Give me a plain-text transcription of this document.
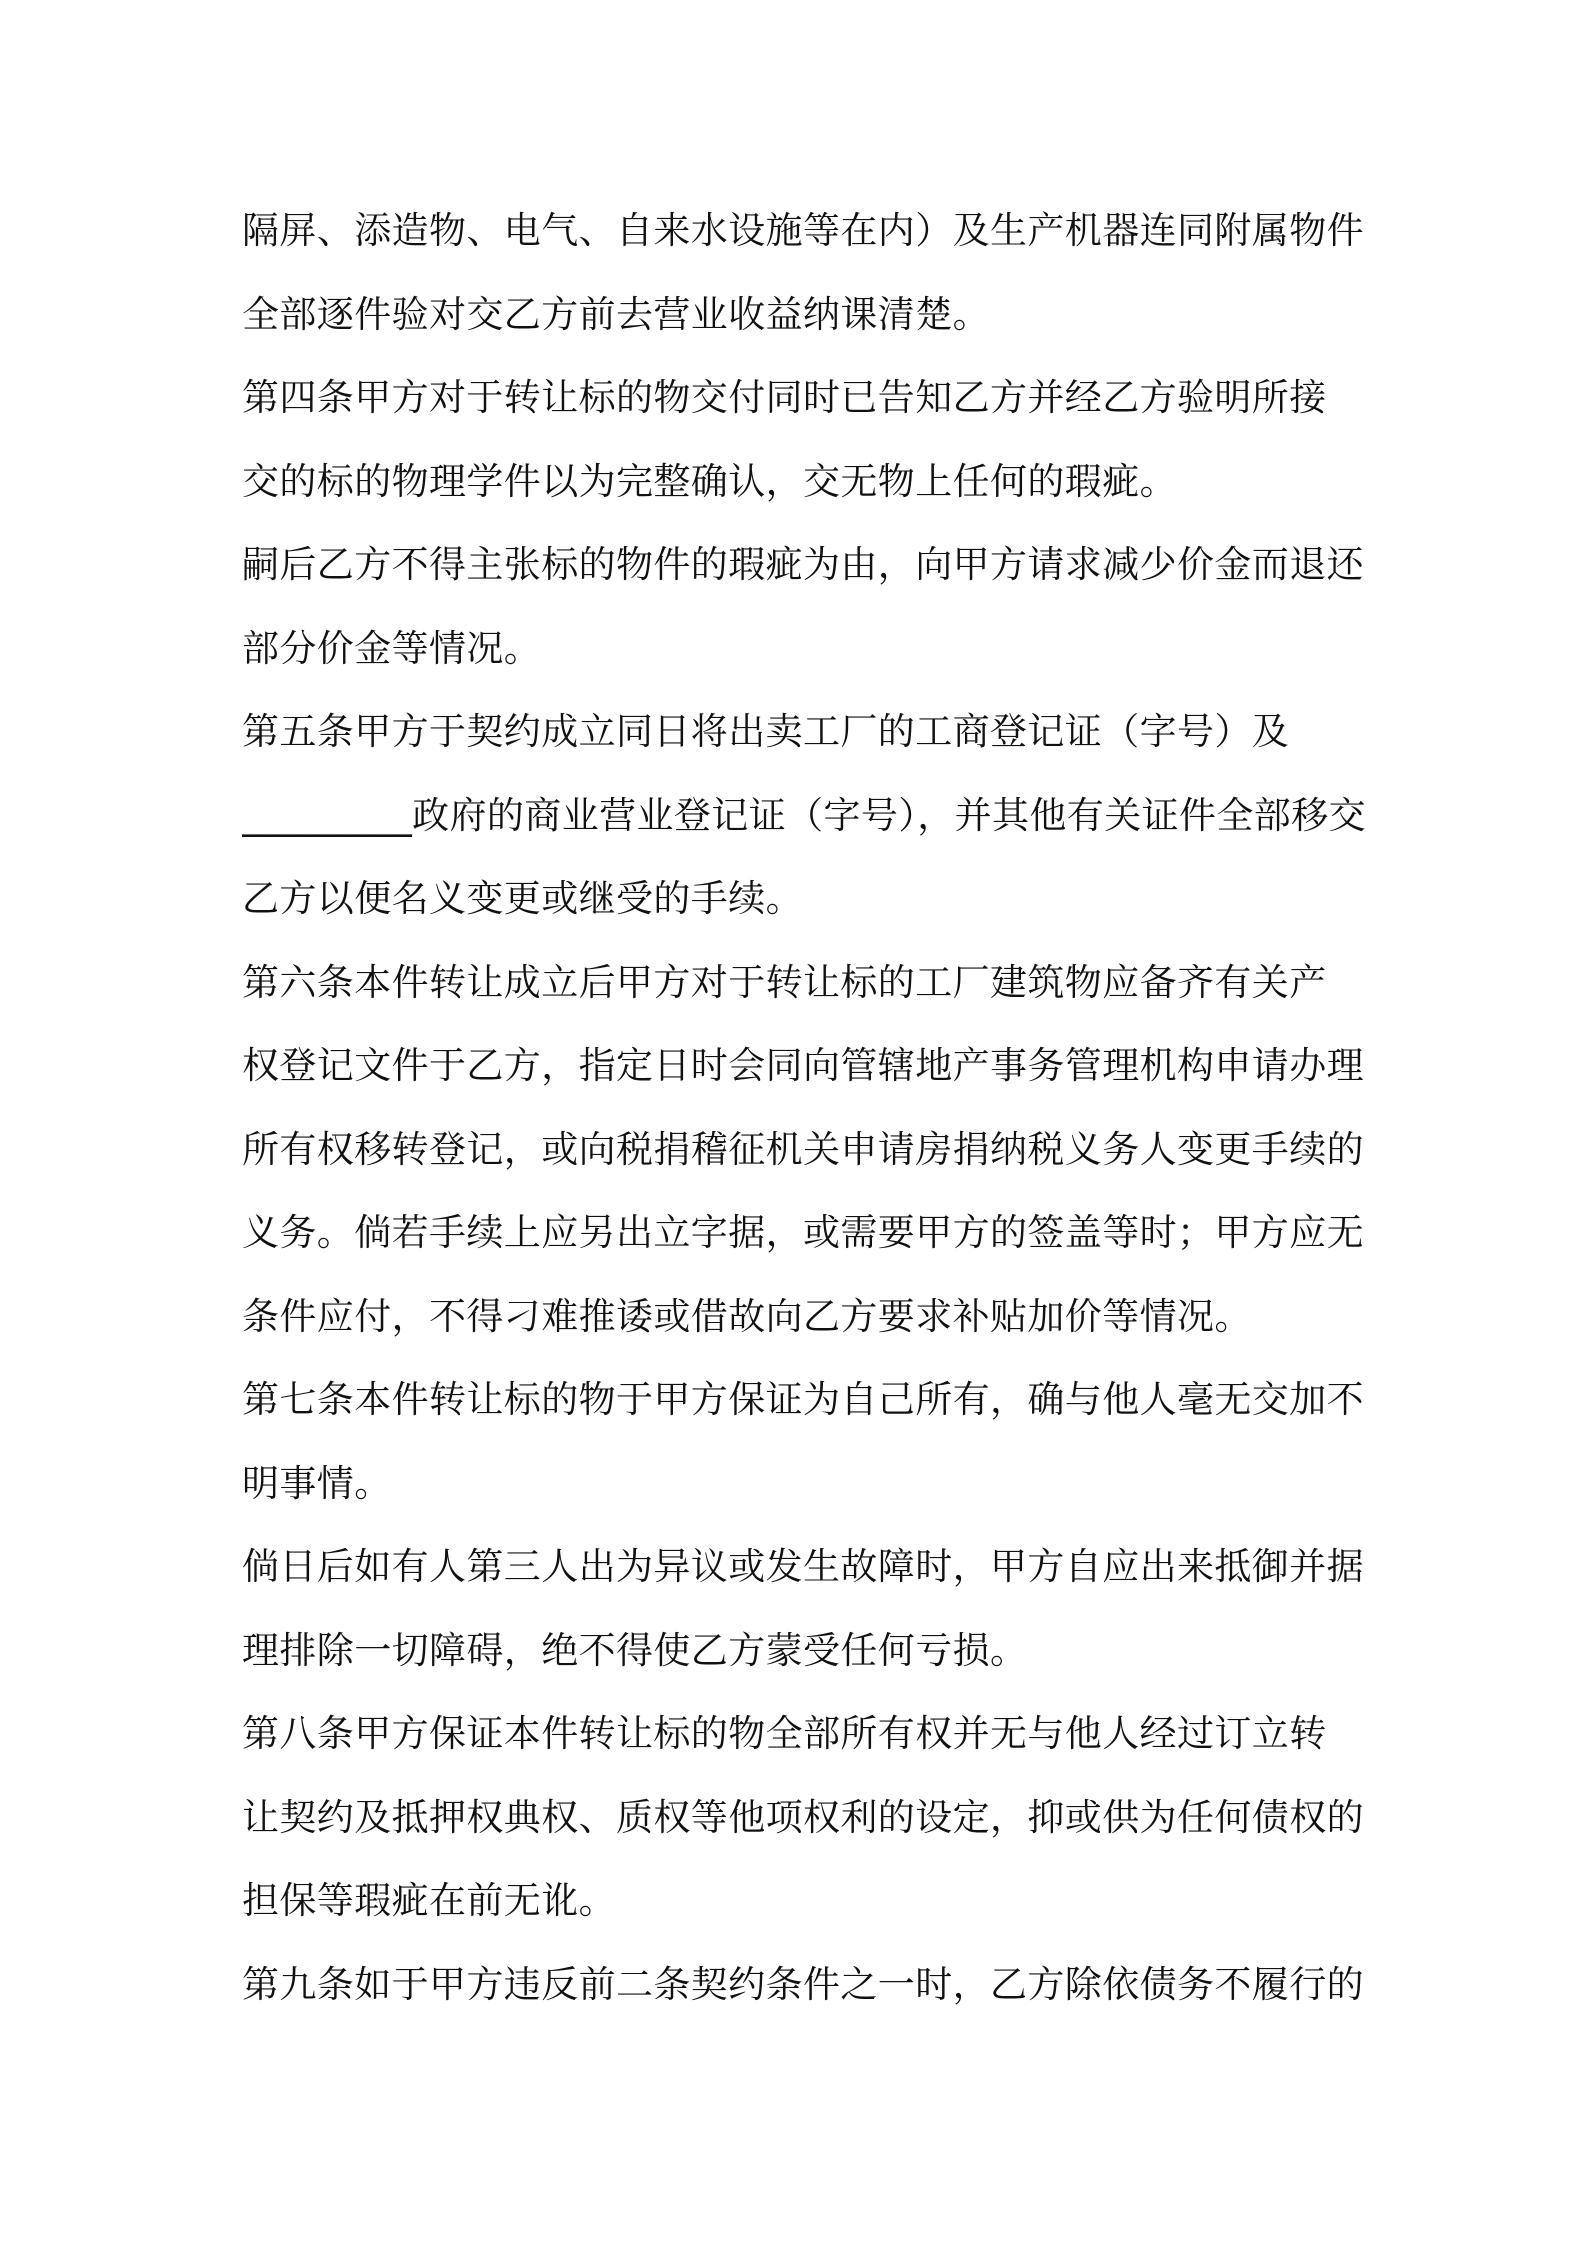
隔屏、添造物、电气、自来水设施等在内）及生产机器连同附属物件
全部逐件验对交乙方前去营业收益纳课清楚。
第四条甲方对于转让标的物交付同时已告知乙方并经乙方验明所接
交的标的物理学件以为完整确认，交无物上任何的瑕疵。
嗣后乙方不得主张标的物件的瑕疵为由，向甲方请求减少价金而退还
部分价金等情况。
第五条甲方于契约成立同日将出卖工厂的工商登记证（字号）及
_________政府的商业营业登记证（字号），并其他有关证件全部移交
乙方以便名义变更或继受的手续。
第六条本件转让成立后甲方对于转让标的工厂建筑物应备齐有关产
权登记文件于乙方，指定日时会同向管辖地产事务管理机构申请办理
所有权移转登记，或向税捐稽征机关申请房捐纳税义务人变更手续的
义务。倘若手续上应另出立字据，或需要甲方的签盖等时；甲方应无
条件应付，不得刁难推诿或借故向乙方要求补贴加价等情况。
第七条本件转让标的物于甲方保证为自己所有，确与他人毫无交加不
明事情。
倘日后如有人第三人出为异议或发生故障时，甲方自应出来抵御并据
理排除一切障碍，绝不得使乙方蒙受任何亏损。
第八条甲方保证本件转让标的物全部所有权并无与他人经过订立转
让契约及抵押权典权、质权等他项权利的设定，抑或供为任何债权的
担保等瑕疵在前无讹。
第九条如于甲方违反前二条契约条件之一时，乙方除依债务不履行的
